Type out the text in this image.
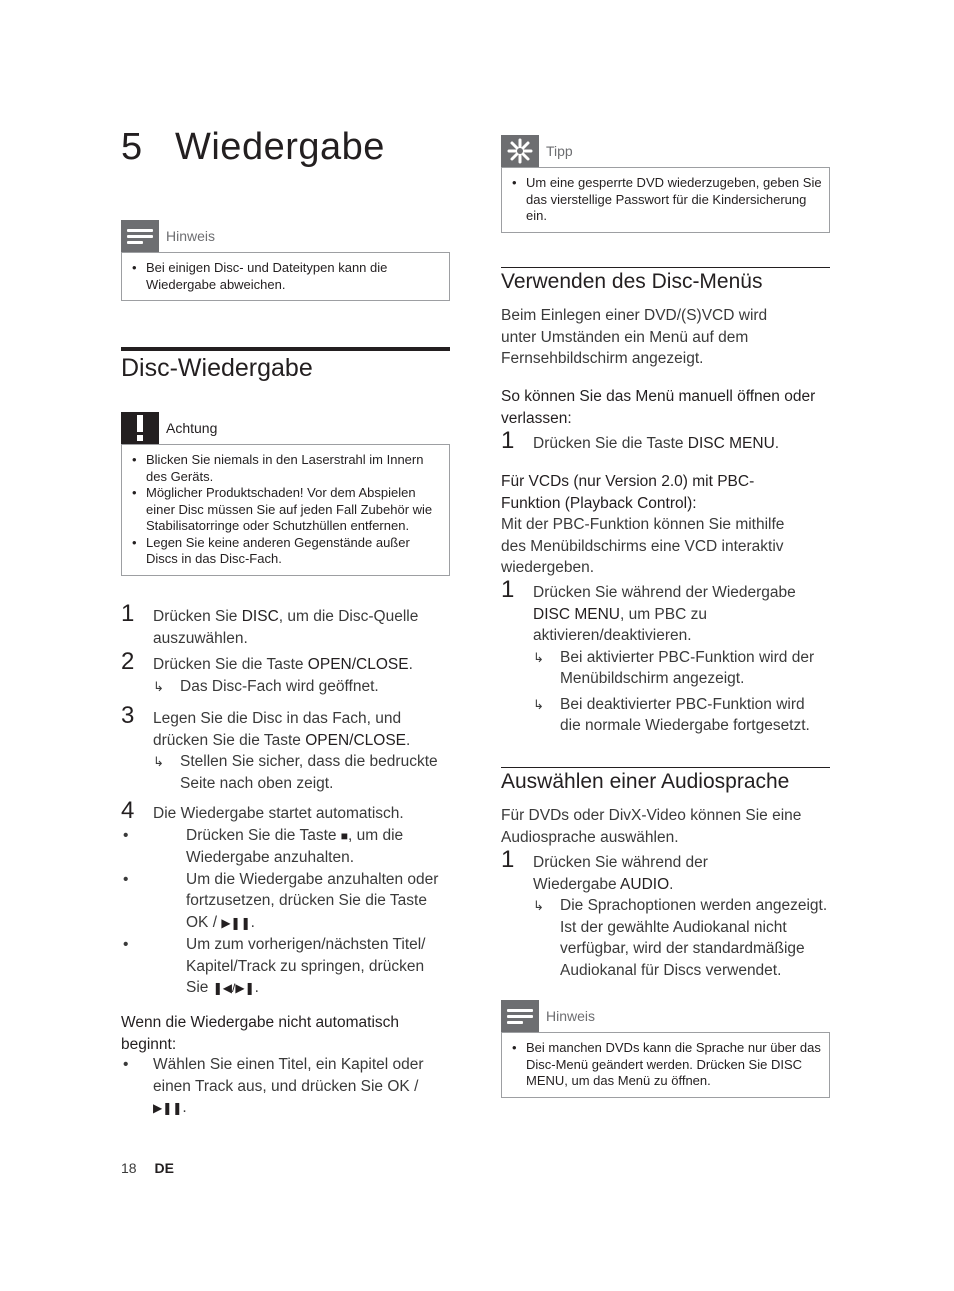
5 Wiedergabe
Hinweis
• Bei einigen Disc- und Dateitypen kann die Wiedergabe abweichen.
Disc-Wiedergabe
Achtung
• Blicken Sie niemals in den Laserstrahl im Innern des Geräts.
• Möglicher Produktschaden! Vor dem Abspielen einer Disc müssen Sie auf jeden Fall Zubehör wie Stabilisatorringe oder Schutzhüllen entfernen.
• Legen Sie keine anderen Gegenstände außer Discs in das Disc-Fach.
1 Drücken Sie DISC, um die Disc-Quelle auszuwählen.
2 Drücken Sie die Taste OPEN/CLOSE.
↳ Das Disc-Fach wird geöffnet.
3 Legen Sie die Disc in das Fach, und drücken Sie die Taste OPEN/CLOSE.
↳ Stellen Sie sicher, dass die bedruckte Seite nach oben zeigt.
4 Die Wiedergabe startet automatisch.
•	Drücken Sie die Taste ■, um die Wiedergabe anzuhalten.
•	Um die Wiedergabe anzuhalten oder fortzusetzen, drücken Sie die Taste OK / ▶❚❚.
•	Um zum vorherigen/nächsten Titel/ Kapitel/Track zu springen, drücken Sie ❚◀/▶❚.
Wenn die Wiedergabe nicht automatisch beginnt:
• Wählen Sie einen Titel, ein Kapitel oder einen Track aus, und drücken Sie OK / ▶❚❚.
Tipp
• Um eine gesperrte DVD wiederzugeben, geben Sie das vierstellige Passwort für die Kindersicherung ein.
Verwenden des Disc-Menüs
Beim Einlegen einer DVD/(S)VCD wird unter Umständen ein Menü auf dem Fernsehbildschirm angezeigt.
So können Sie das Menü manuell öffnen oder verlassen:
1 Drücken Sie die Taste DISC MENU.
Für VCDs (nur Version 2.0) mit PBC-Funktion (Playback Control):
Mit der PBC-Funktion können Sie mithilfe des Menübildschirms eine VCD interaktiv wiedergeben.
1 Drücken Sie während der Wiedergabe DISC MENU, um PBC zu aktivieren/deaktivieren.
↳ Bei aktivierter PBC-Funktion wird der Menübildschirm angezeigt.
↳ Bei deaktivierter PBC-Funktion wird die normale Wiedergabe fortgesetzt.
Auswählen einer Audiosprache
Für DVDs oder DivX-Video können Sie eine Audiosprache auswählen.
1 Drücken Sie während der Wiedergabe AUDIO.
↳ Die Sprachoptionen werden angezeigt. Ist der gewählte Audiokanal nicht verfügbar, wird der standardmäßige Audiokanal für Discs verwendet.
Hinweis
• Bei manchen DVDs kann die Sprache nur über das Disc-Menü geändert werden. Drücken Sie DISC MENU, um das Menü zu öffnen.
18 DE
